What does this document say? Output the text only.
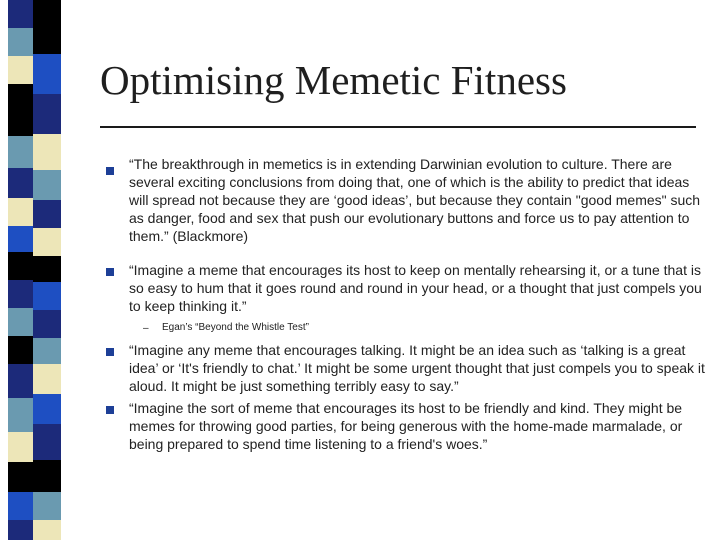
Optimising Memetic Fitness

“The breakthrough in memetics is in extending Darwinian evolution to culture. There are several exciting conclusions from doing that, one of which is the ability to predict that ideas will spread not because they are ‘good ideas’, but because they contain "good memes" such as danger, food and sex that push our evolutionary buttons and force us to pay attention to them.” (Blackmore)

“Imagine a meme that encourages its host to keep on mentally rehearsing it, or a tune that is so easy to hum that it goes round and round in your head, or a thought that just compels you to keep thinking it.”

– Egan’s “Beyond the Whistle Test”

“Imagine any meme that encourages talking. It might be an idea such as ‘talking is a great idea’ or ‘It's friendly to chat.’ It might be some urgent thought that just compels you to speak it aloud. It might be just something terribly easy to say.”

“Imagine the sort of meme that encourages its host to be friendly and kind. They might be memes for throwing good parties, for being generous with the home-made marmalade, or being prepared to spend time listening to a friend's woes.”
